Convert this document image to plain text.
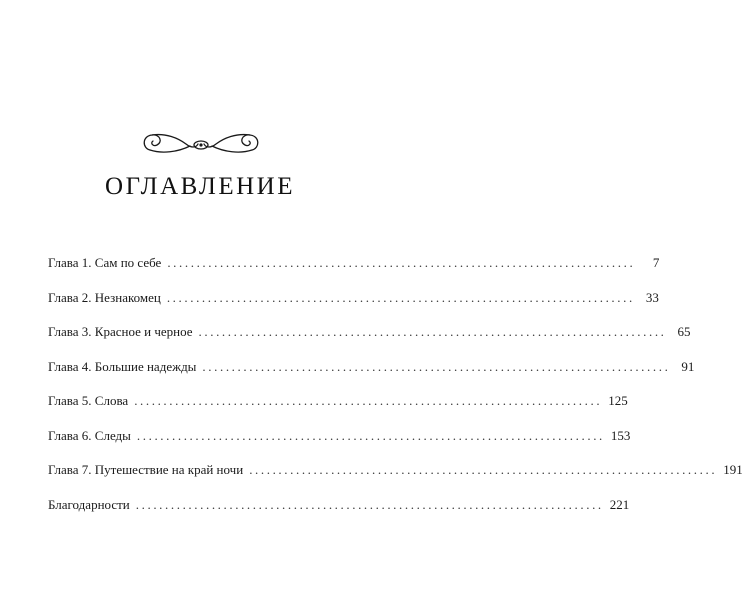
ОГЛАВЛЕНИЕ
Глава 1. Сам по себе ................................................................................	7
Глава 2. Незнакомец ................................................................................ 33
Глава 3. Красное и черное ................................................................................ 65
Глава 4. Большие надежды ................................................................................ 91
Глава 5. Слова ................................................................................ 125
Глава 6. Следы ................................................................................ 153
Глава 7. Путешествие на край ночи ................................................................................ 191
Благодарности ................................................................................ 221
